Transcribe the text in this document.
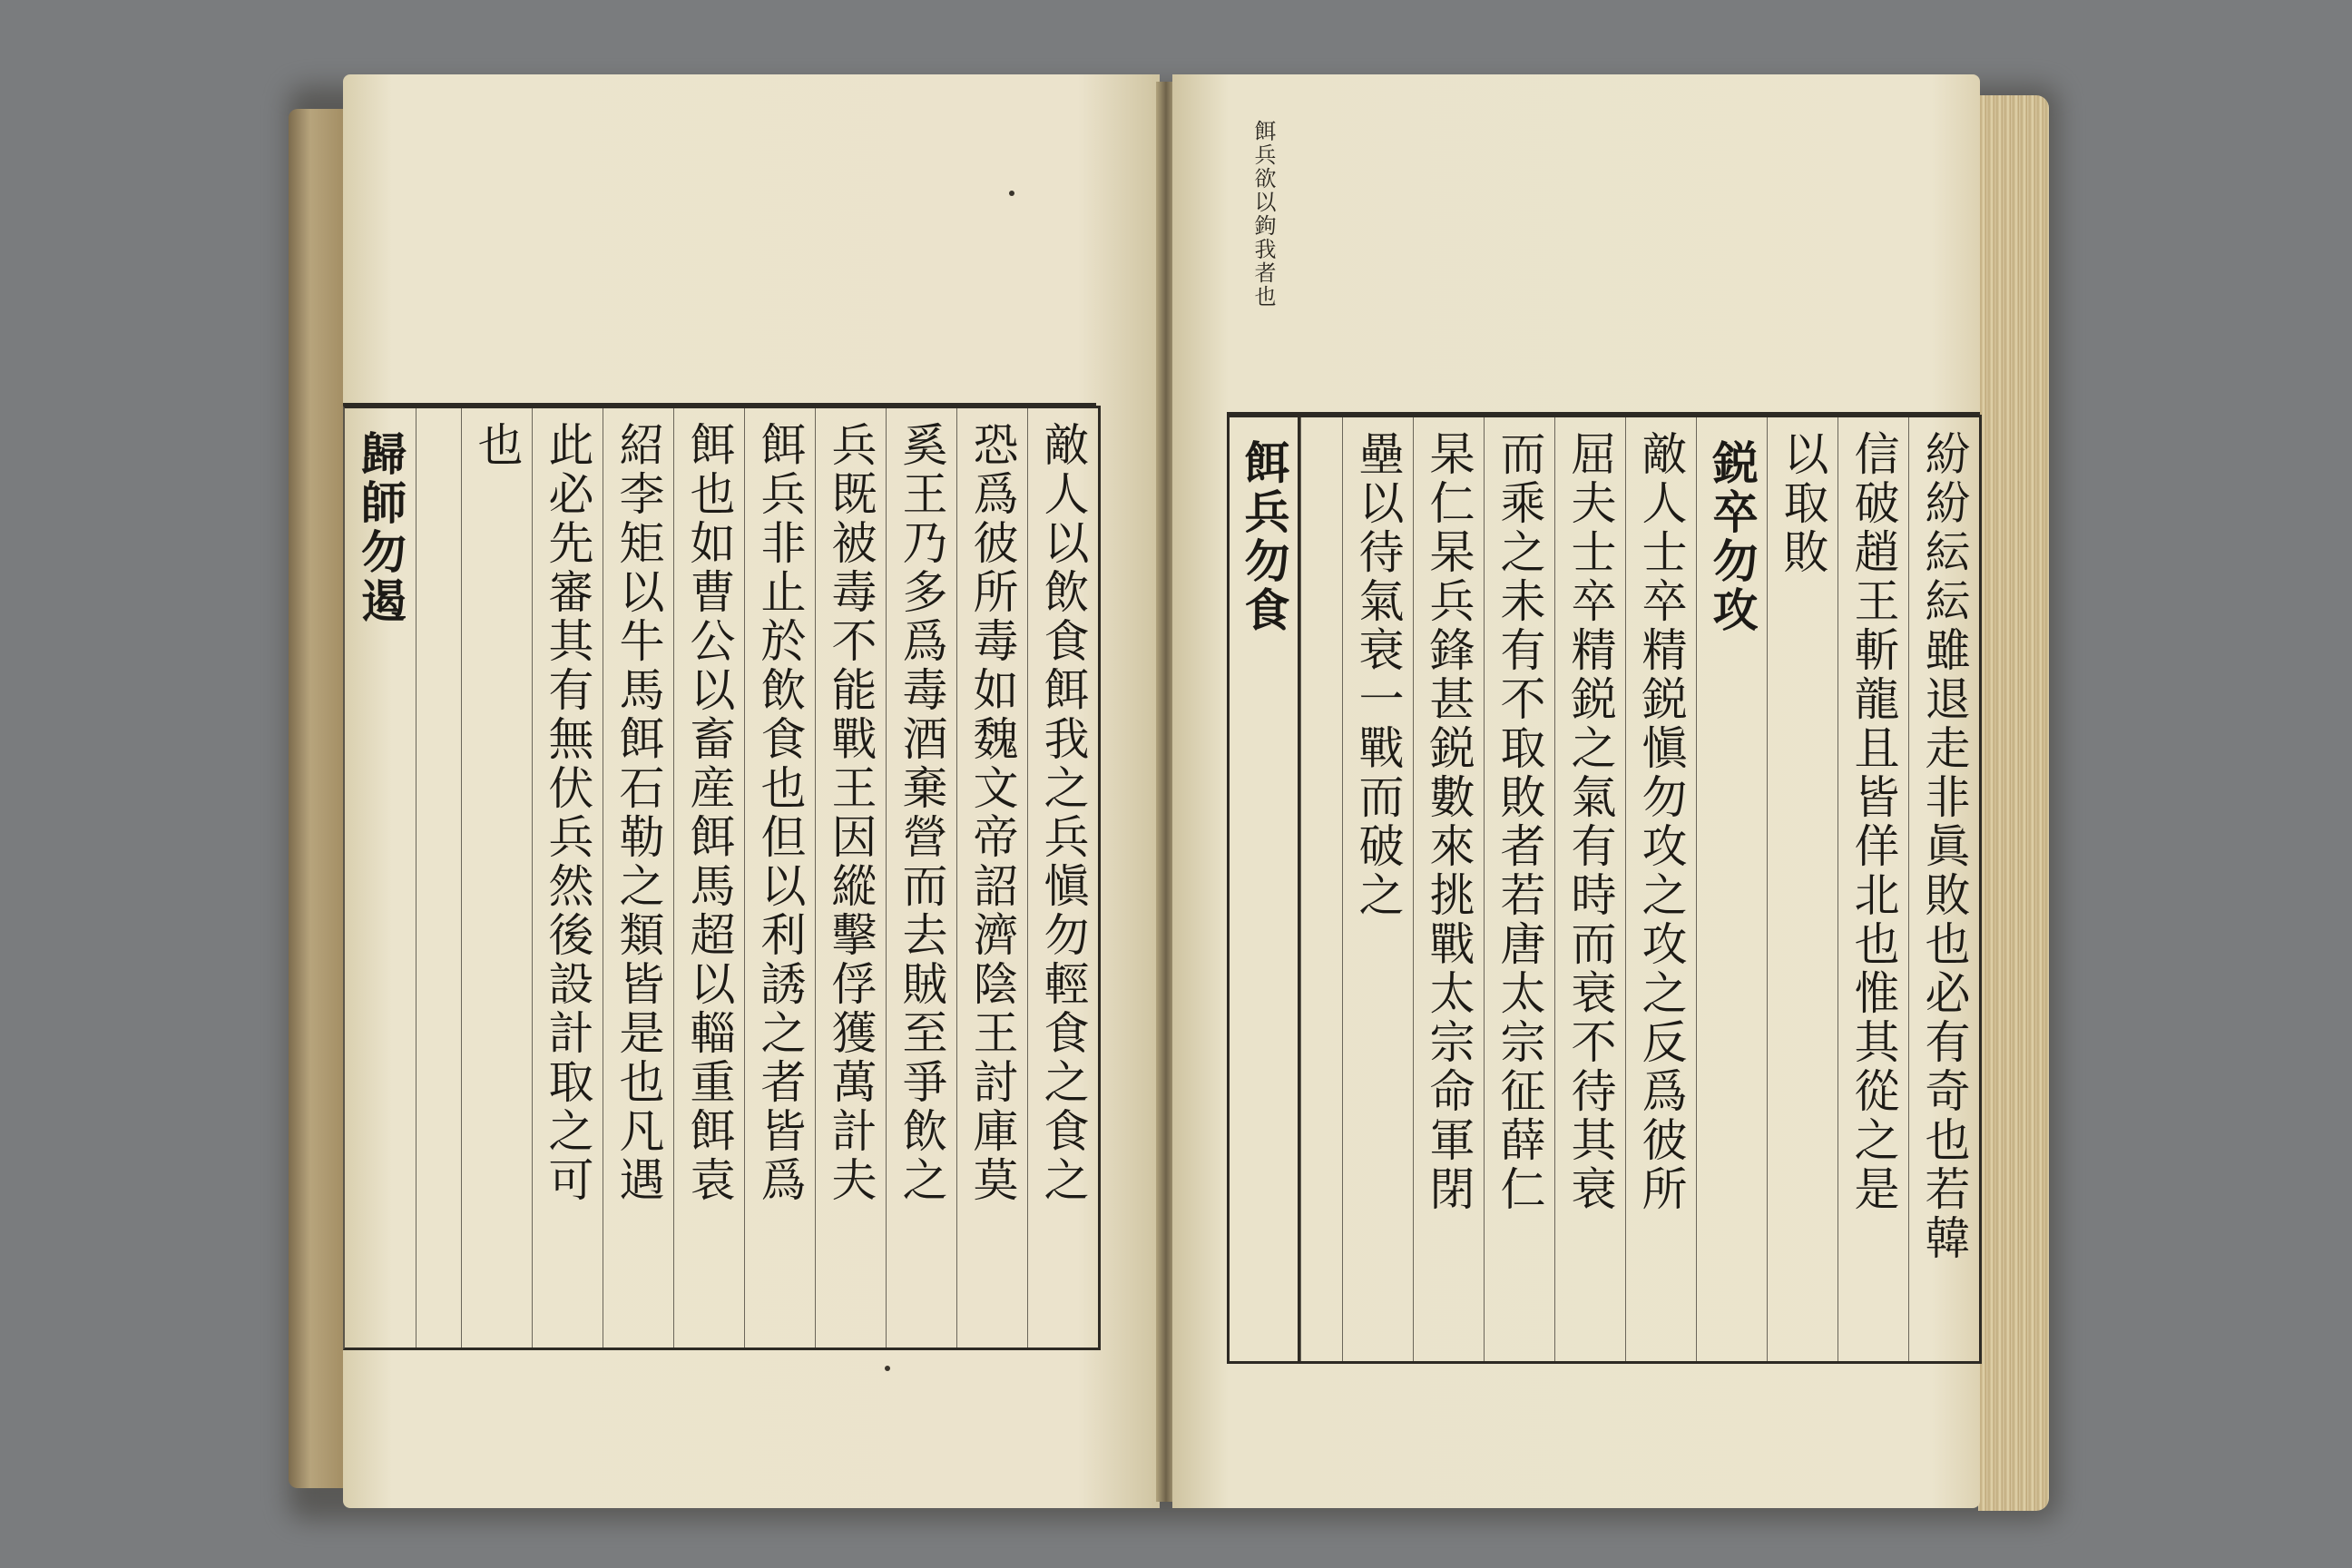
敵人以飲食餌我之兵愼勿輕食之食之
恐爲彼所毒如魏文帝詔濟陰王討庫莫
奚王乃多爲毒酒棄營而去賊至爭飲之
兵既被毒不能戰王因縱擊俘獲萬計夫
餌兵非止於飲食也但以利誘之者皆爲
餌也如曹公以畜産餌馬超以輜重餌袁
紹李矩以牛馬餌石勒之類皆是也凡遇
此必先審其有無伏兵然後設計取之可
也
歸師勿遏	紛紛紜紜雖退走非眞敗也必有奇也若韓
信破趙王斬龍且皆佯北也惟其從之是
以取敗
鋭卒勿攻
敵人士卒精鋭愼勿攻之攻之反爲彼所
屈夫士卒精鋭之氣有時而衰不待其衰
而乘之未有不取敗者若唐太宗征薛仁
杲仁杲兵鋒甚鋭數來挑戰太宗命軍閉
壘以待氣衰一戰而破之
餌兵勿食
餌兵欲以鉤我者也
